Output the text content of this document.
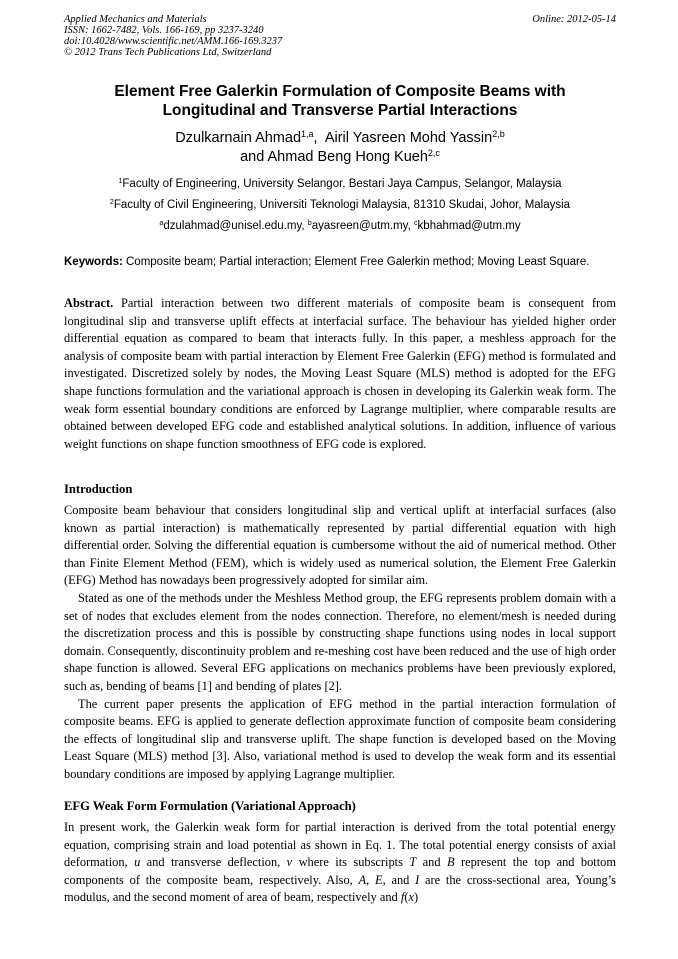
Applied Mechanics and Materials
ISSN: 1662-7482, Vols. 166-169, pp 3237-3240
doi:10.4028/www.scientific.net/AMM.166-169.3237
© 2012 Trans Tech Publications Ltd, Switzerland
Online: 2012-05-14
Element Free Galerkin Formulation of Composite Beams with
Longitudinal and Transverse Partial Interactions
Dzulkarnain Ahmad$^{1,a}$,  Airil Yasreen Mohd Yassin$^{2,b}$
and Ahmad Beng Hong Kueh$^{2,c}$
$^1$Faculty of Engineering, University Selangor, Bestari Jaya Campus, Selangor, Malaysia
$^2$Faculty of Civil Engineering, Universiti Teknologi Malaysia, 81310 Skudai, Johor, Malaysia
$^a$dzulahmad@unisel.edu.my, $^b$ayasreen@utm.my, $^c$kbhahmad@utm.my
Keywords: Composite beam; Partial interaction; Element Free Galerkin method; Moving Least Square.

Abstract. Partial interaction between two different materials of composite beam is consequent from longitudinal slip and transverse uplift effects at interfacial surface. The behaviour has yielded higher order differential equation as compared to beam that interacts fully. In this paper, a meshless approach for the analysis of composite beam with partial interaction by Element Free Galerkin (EFG) method is formulated and investigated. Discretized solely by nodes, the Moving Least Square (MLS) method is adopted for the EFG shape functions formulation and the variational approach is chosen in developing its Galerkin weak form. The weak form essential boundary conditions are enforced by Lagrange multiplier, where comparable results are obtained between developed EFG code and established analytical solutions. In addition, influence of various weight functions on shape function smoothness of EFG code is explored.

Introduction

Composite beam behaviour that considers longitudinal slip and vertical uplift at interfacial surfaces (also known as partial interaction) is mathematically represented by partial differential equation with high differential order. Solving the differential equation is cumbersome without the aid of numerical method. Other than Finite Element Method (FEM), which is widely used as numerical solution, the Element Free Galerkin (EFG) Method has nowadays been progressively adopted for similar aim.

Stated as one of the methods under the Meshless Method group, the EFG represents problem domain with a set of nodes that excludes element from the nodes connection. Therefore, no element/mesh is needed during the discretization process and this is possible by constructing shape functions using nodes in local support domain. Consequently, discontinuity problem and re-meshing cost have been reduced and the use of high order shape function is allowed. Several EFG applications on mechanics problems have been previously explored, such as, bending of beams [1] and bending of plates [2].

The current paper presents the application of EFG method in the partial interaction formulation of composite beams. EFG is applied to generate deflection approximate function of composite beam considering the effects of longitudinal slip and transverse uplift. The shape function is developed based on the Moving Least Square (MLS) method [3]. Also, variational method is used to develop the weak form and its essential boundary conditions are imposed by applying Lagrange multiplier.

EFG Weak Form Formulation (Variational Approach)

In present work, the Galerkin weak form for partial interaction is derived from the total potential energy equation, comprising strain and load potential as shown in Eq. 1. The total potential energy consists of axial deformation, u and transverse deflection, v where its subscripts T and B represent the top and bottom components of the composite beam, respectively. Also, A, E, and I are the cross-sectional area, Young’s modulus, and the second moment of area of beam, respectively and f(x)
